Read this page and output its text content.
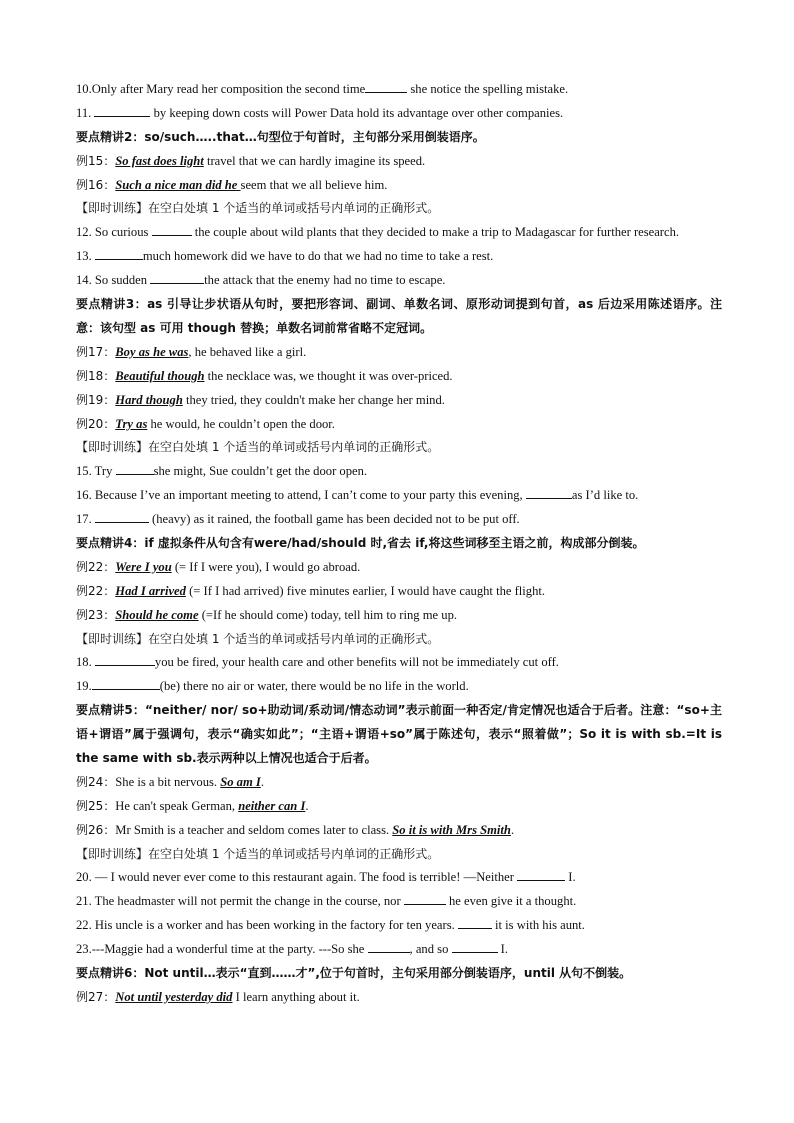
10.Only after Mary read her composition the second time	she notice the spelling mistake.
11.	by keeping down costs will Power Data hold its advantage over other companies.
要点精讲2：so/such…..that…句型位于句首时，主句部分采用倒装语序。
例15：So fast does light travel that we can hardly imagine its speed.
例16：Such a nice man did he seem that we all believe him.
【即时训练】在空白处填 1 个适当的单词或括号内单词的正确形式。
12. So curious	the couple about wild plants that they decided to make a trip to Madagascar for further research.
13.	much homework did we have to do that we had no time to take a rest.
14. So sudden	the attack that the enemy had no time to escape.
要点精讲3：as 引导让步状语从句时，要把形容词、副词、单数名词、原形动词提到句首，as 后边采用陈述语序。注意：该句型 as 可用 though 替换；单数名词前常省略不定冠词。
例17：Boy as he was, he behaved like a girl.
例18：Beautiful though the necklace was, we thought it was over-priced.
例19：Hard though they tried, they couldn't make her change her mind.
例20：Try as he would, he couldn’t open the door.
【即时训练】在空白处填 1 个适当的单词或括号内单词的正确形式。
15. Try	she might, Sue couldn’t get the door open.
16. Because I’ve an important meeting to attend, I can’t come to your party this evening,	as I’d like to.
17.	(heavy) as it rained, the football game has been decided not to be put off.
要点精讲4：if 虚拟条件从句含有were/had/should 时,省去 if,将这些词移至主语之前，构成部分倒装。
例22：Were I you (= If I were you), I would go abroad.
例22：Had I arrived (= If I had arrived) five minutes earlier, I would have caught the flight.
例23：Should he come (=If he should come) today, tell him to ring me up.
【即时训练】在空白处填 1 个适当的单词或括号内单词的正确形式。
18.	you be fired, your health care and other benefits will not be immediately cut off.
19.	(be) there no air or water, there would be no life in the world.
要点精讲5：“neither/ nor/ so+助动词/系动词/情态动词”表示前面一种否定/肯定情况也适合于后者。注意：“so+主语+谓语”属于强调句，表示“确实如此”；“主语+谓语+so”属于陈述句，表示“照着做”；So it is with sb.=It is the same with sb.表示两种以上情况也适合于后者。
例24：She is a bit nervous. So am I.
例25：He can't speak German, neither can I.
例26：Mr Smith is a teacher and seldom comes later to class. So it is with Mrs Smith.
【即时训练】在空白处填 1 个适当的单词或括号内单词的正确形式。
20. — I would never ever come to this restaurant again. The food is terrible! —Neither	I.
21. The headmaster will not permit the change in the course, nor	he even give it a thought.
22. His uncle is a worker and has been working in the factory for ten years.	it is with his aunt.
23.---Maggie had a wonderful time at the party. ---So she	, and so	I.
要点精讲6：Not until…表示“直到……才”,位于句首时，主句采用部分倒装语序，until 从句不倒装。
例27：Not until yesterday did I learn anything about it.
